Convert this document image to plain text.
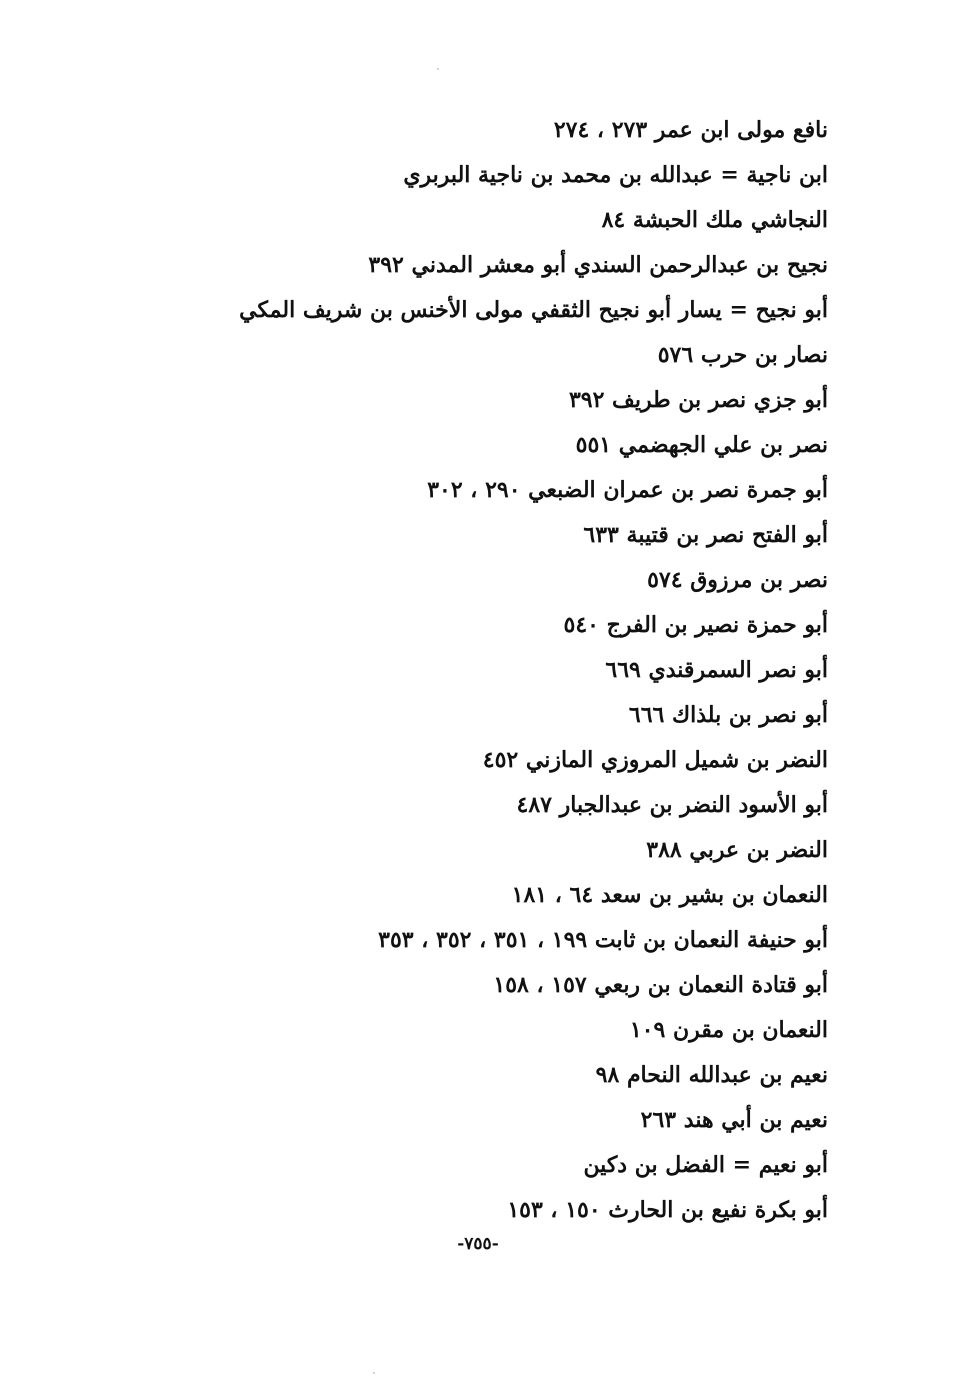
نافع مولى ابن عمر ٢٧٣ ، ٢٧٤
ابن ناجية = عبدالله بن محمد بن ناجية البربري
النجاشي ملك الحبشة ٨٤
نجيح بن عبدالرحمن السندي أبو معشر المدني ٣٩٢
أبو نجيح = يسار أبو نجيح الثقفي مولى الأخنس بن شريف المكي
نصار بن حرب ٥٧٦
أبو جزي نصر بن طريف ٣٩٢
نصر بن علي الجهضمي ٥٥١
أبو جمرة نصر بن عمران الضبعي ٢٩٠ ، ٣٠٢
أبو الفتح نصر بن قتيبة ٦٣٣
نصر بن مرزوق ٥٧٤
أبو حمزة نصير بن الفرج ٥٤٠
أبو نصر السمرقندي ٦٦٩
أبو نصر بن بلذاك ٦٦٦
النضر بن شميل المروزي المازني ٤٥٢
أبو الأسود النضر بن عبدالجبار ٤٨٧
النضر بن عربي ٣٨٨
النعمان بن بشير بن سعد ٦٤ ، ١٨١
أبو حنيفة النعمان بن ثابت ١٩٩ ، ٣٥١ ، ٣٥٢ ، ٣٥٣
أبو قتادة النعمان بن ربعي ١٥٧ ، ١٥٨
النعمان بن مقرن ١٠٩
نعيم بن عبدالله النحام ٩٨
نعيم بن أبي هند ٢٦٣
أبو نعيم = الفضل بن دكين
أبو بكرة نفيع بن الحارث ١٥٠ ، ١٥٣
-٧٥٥-
